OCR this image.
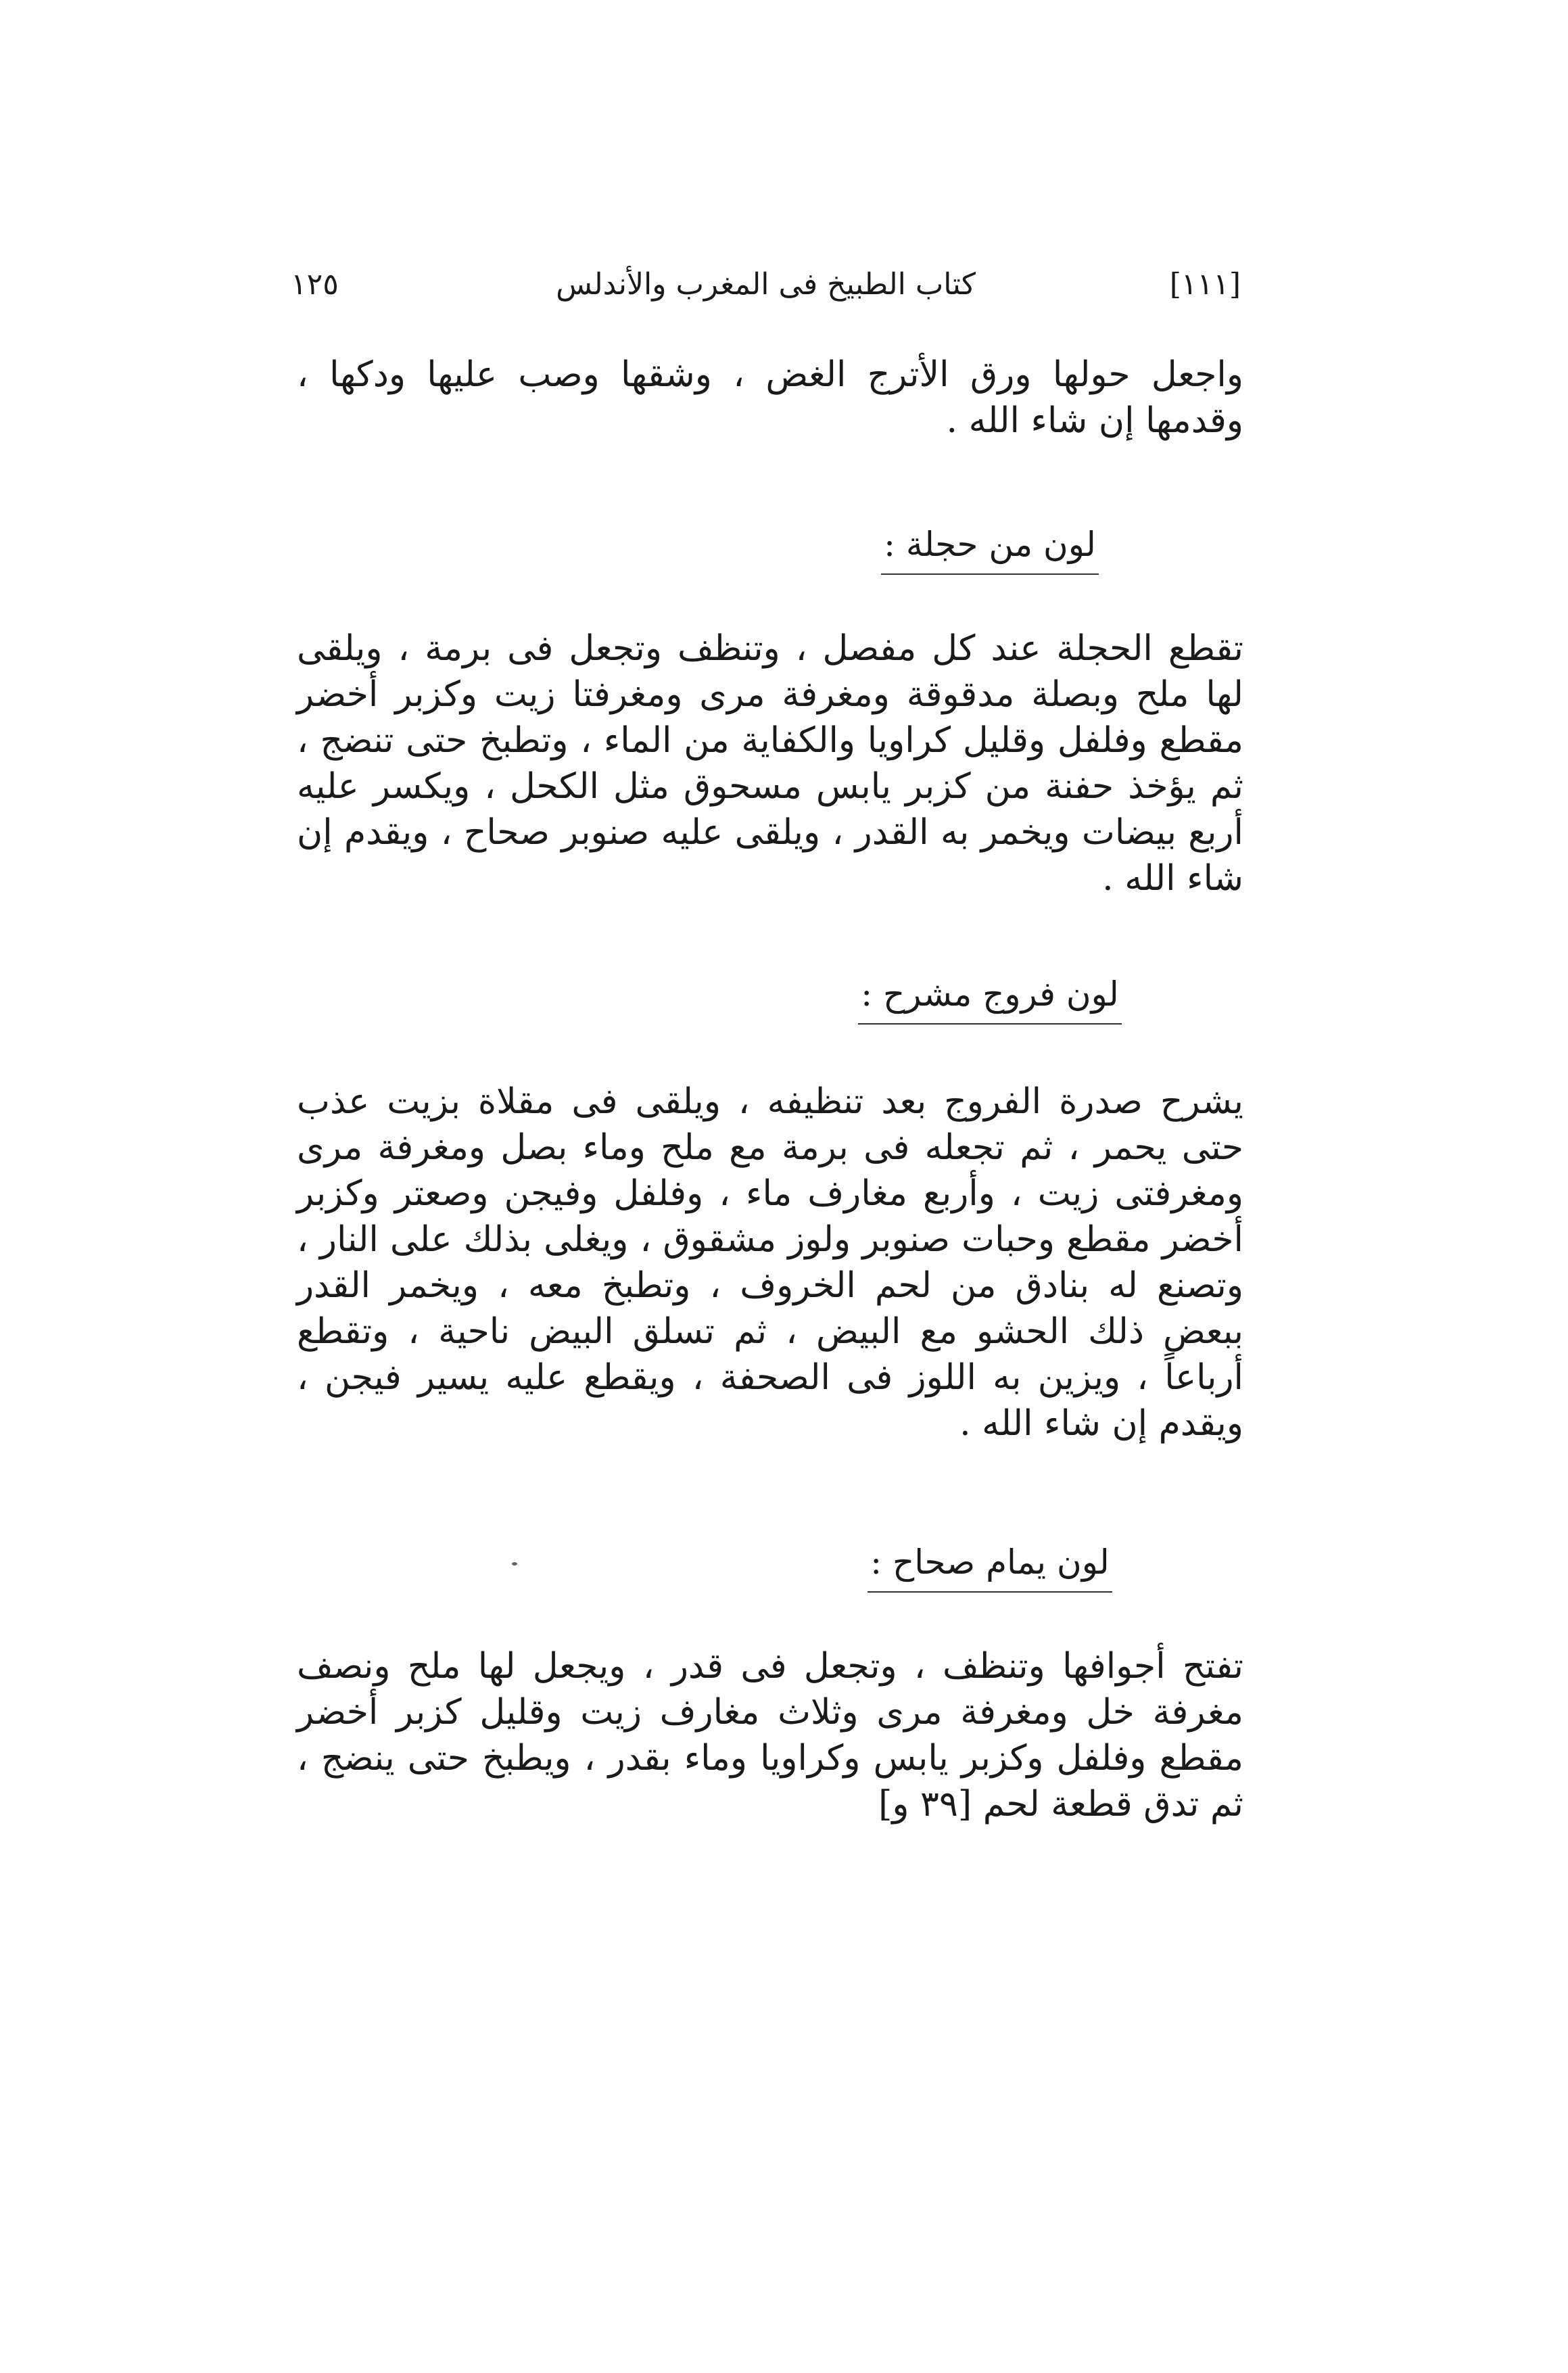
١٢٥	كتاب الطبيخ فى المغرب والأندلس	[١١١]

واجعل حولها ورق الأترج الغض ، وشقها وصب عليها ودكها ، وقدمها إن شاء الله .

لون من حجلة :

تقطع الحجلة عند كل مفصل ، وتنظف وتجعل فى برمة ، ويلقى لها ملح وبصلة مدقوقة ومغرفة مرى ومغرفتا زيت وكزبر أخضر مقطع وفلفل وقليل كراويا والكفاية من الماء ، وتطبخ حتى تنضج ، ثم يؤخذ حفنة من كزبر يابس مسحوق مثل الكحل ، ويكسر عليه أربع بيضات ويخمر به القدر ، ويلقى عليه صنوبر صحاح ، ويقدم إن شاء الله .

لون فروج مشرح :

يشرح صدرة الفروج بعد تنظيفه ، ويلقى فى مقلاة بزيت عذب حتى يحمر ، ثم تجعله فى برمة مع ملح وماء بصل ومغرفة مرى ومغرفتى زيت ، وأربع مغارف ماء ، وفلفل وفيجن وصعتر وكزبر أخضر مقطع وحبات صنوبر ولوز مشقوق ، ويغلى بذلك على النار ، وتصنع له بنادق من لحم الخروف ، وتطبخ معه ، ويخمر القدر ببعض ذلك الحشو مع البيض ، ثم تسلق البيض ناحية ، وتقطع أرباعاً ، ويزين به اللوز فى الصحفة ، ويقطع عليه يسير فيجن ، ويقدم إن شاء الله .

لون يمام صحاح :

تفتح أجوافها وتنظف ، وتجعل فى قدر ، ويجعل لها ملح ونصف مغرفة خل ومغرفة مرى وثلاث مغارف زيت وقليل كزبر أخضر مقطع وفلفل وكزبر يابس وكراويا وماء بقدر ، ويطبخ حتى ينضج ، ثم تدق قطعة لحم [٣٩ و]
